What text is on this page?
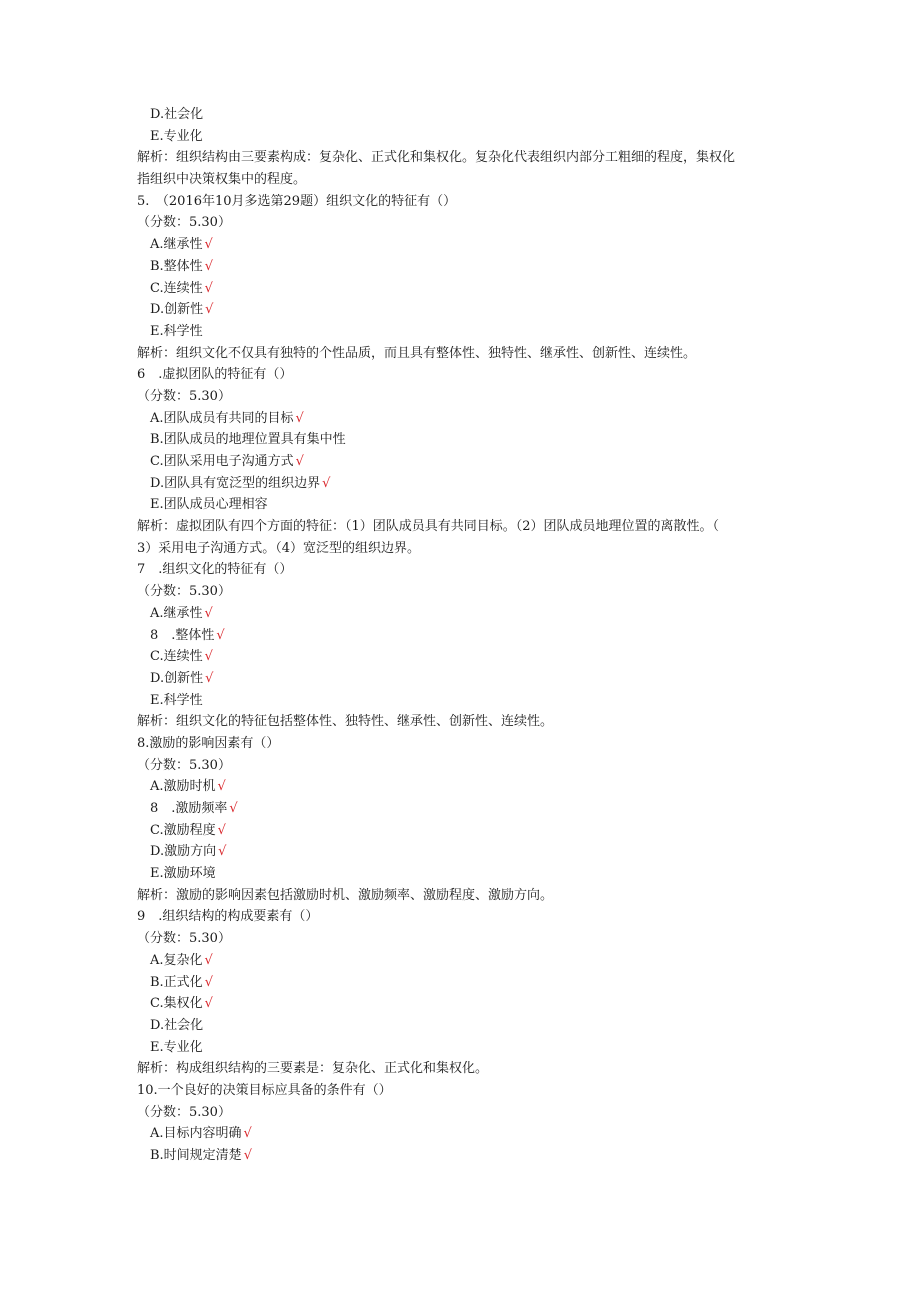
D.社会化
E.专业化
解析：组织结构由三要素构成：复杂化、正式化和集权化。复杂化代表组织内部分工粗细的程度，集权化
指组织中决策权集中的程度。
5.　（2016年10月多选第29题）组织文化的特征有（）
（分数：5.30）
A.继承性 √
B.整体性 √
C.连续性 √
D.创新性 √
E.科学性
解析：组织文化不仅具有独特的个性品质，而且具有整体性、独特性、继承性、创新性、连续性。
6　.虚拟团队的特征有（）
（分数：5.30）
A.团队成员有共同的目标 √
B.团队成员的地理位置具有集中性
C.团队采用电子沟通方式 √
D.团队具有宽泛型的组织边界 √
E.团队成员心理相容
解析：虚拟团队有四个方面的特征：（1）团队成员具有共同目标。（2）团队成员地理位置的离散性。（
3）采用电子沟通方式。（4）宽泛型的组织边界。
7　.组织文化的特征有（）
（分数：5.30）
A.继承性 √
8　.整体性 √
C.连续性 √
D.创新性 √
E.科学性
解析：组织文化的特征包括整体性、独特性、继承性、创新性、连续性。
8.激励的影响因素有（）
（分数：5.30）
A.激励时机 √
8　.激励频率 √
C.激励程度 √
D.激励方向 √
E.激励环境
解析：激励的影响因素包括激励时机、激励频率、激励程度、激励方向。
9　.组织结构的构成要素有（）
（分数：5.30）
A.复杂化 √
B.正式化 √
C.集权化 √
D.社会化
E.专业化
解析：构成组织结构的三要素是：复杂化、正式化和集权化。
10.一个良好的决策目标应具备的条件有（）
（分数：5.30）
A.目标内容明确 √
B.时间规定清楚 √
